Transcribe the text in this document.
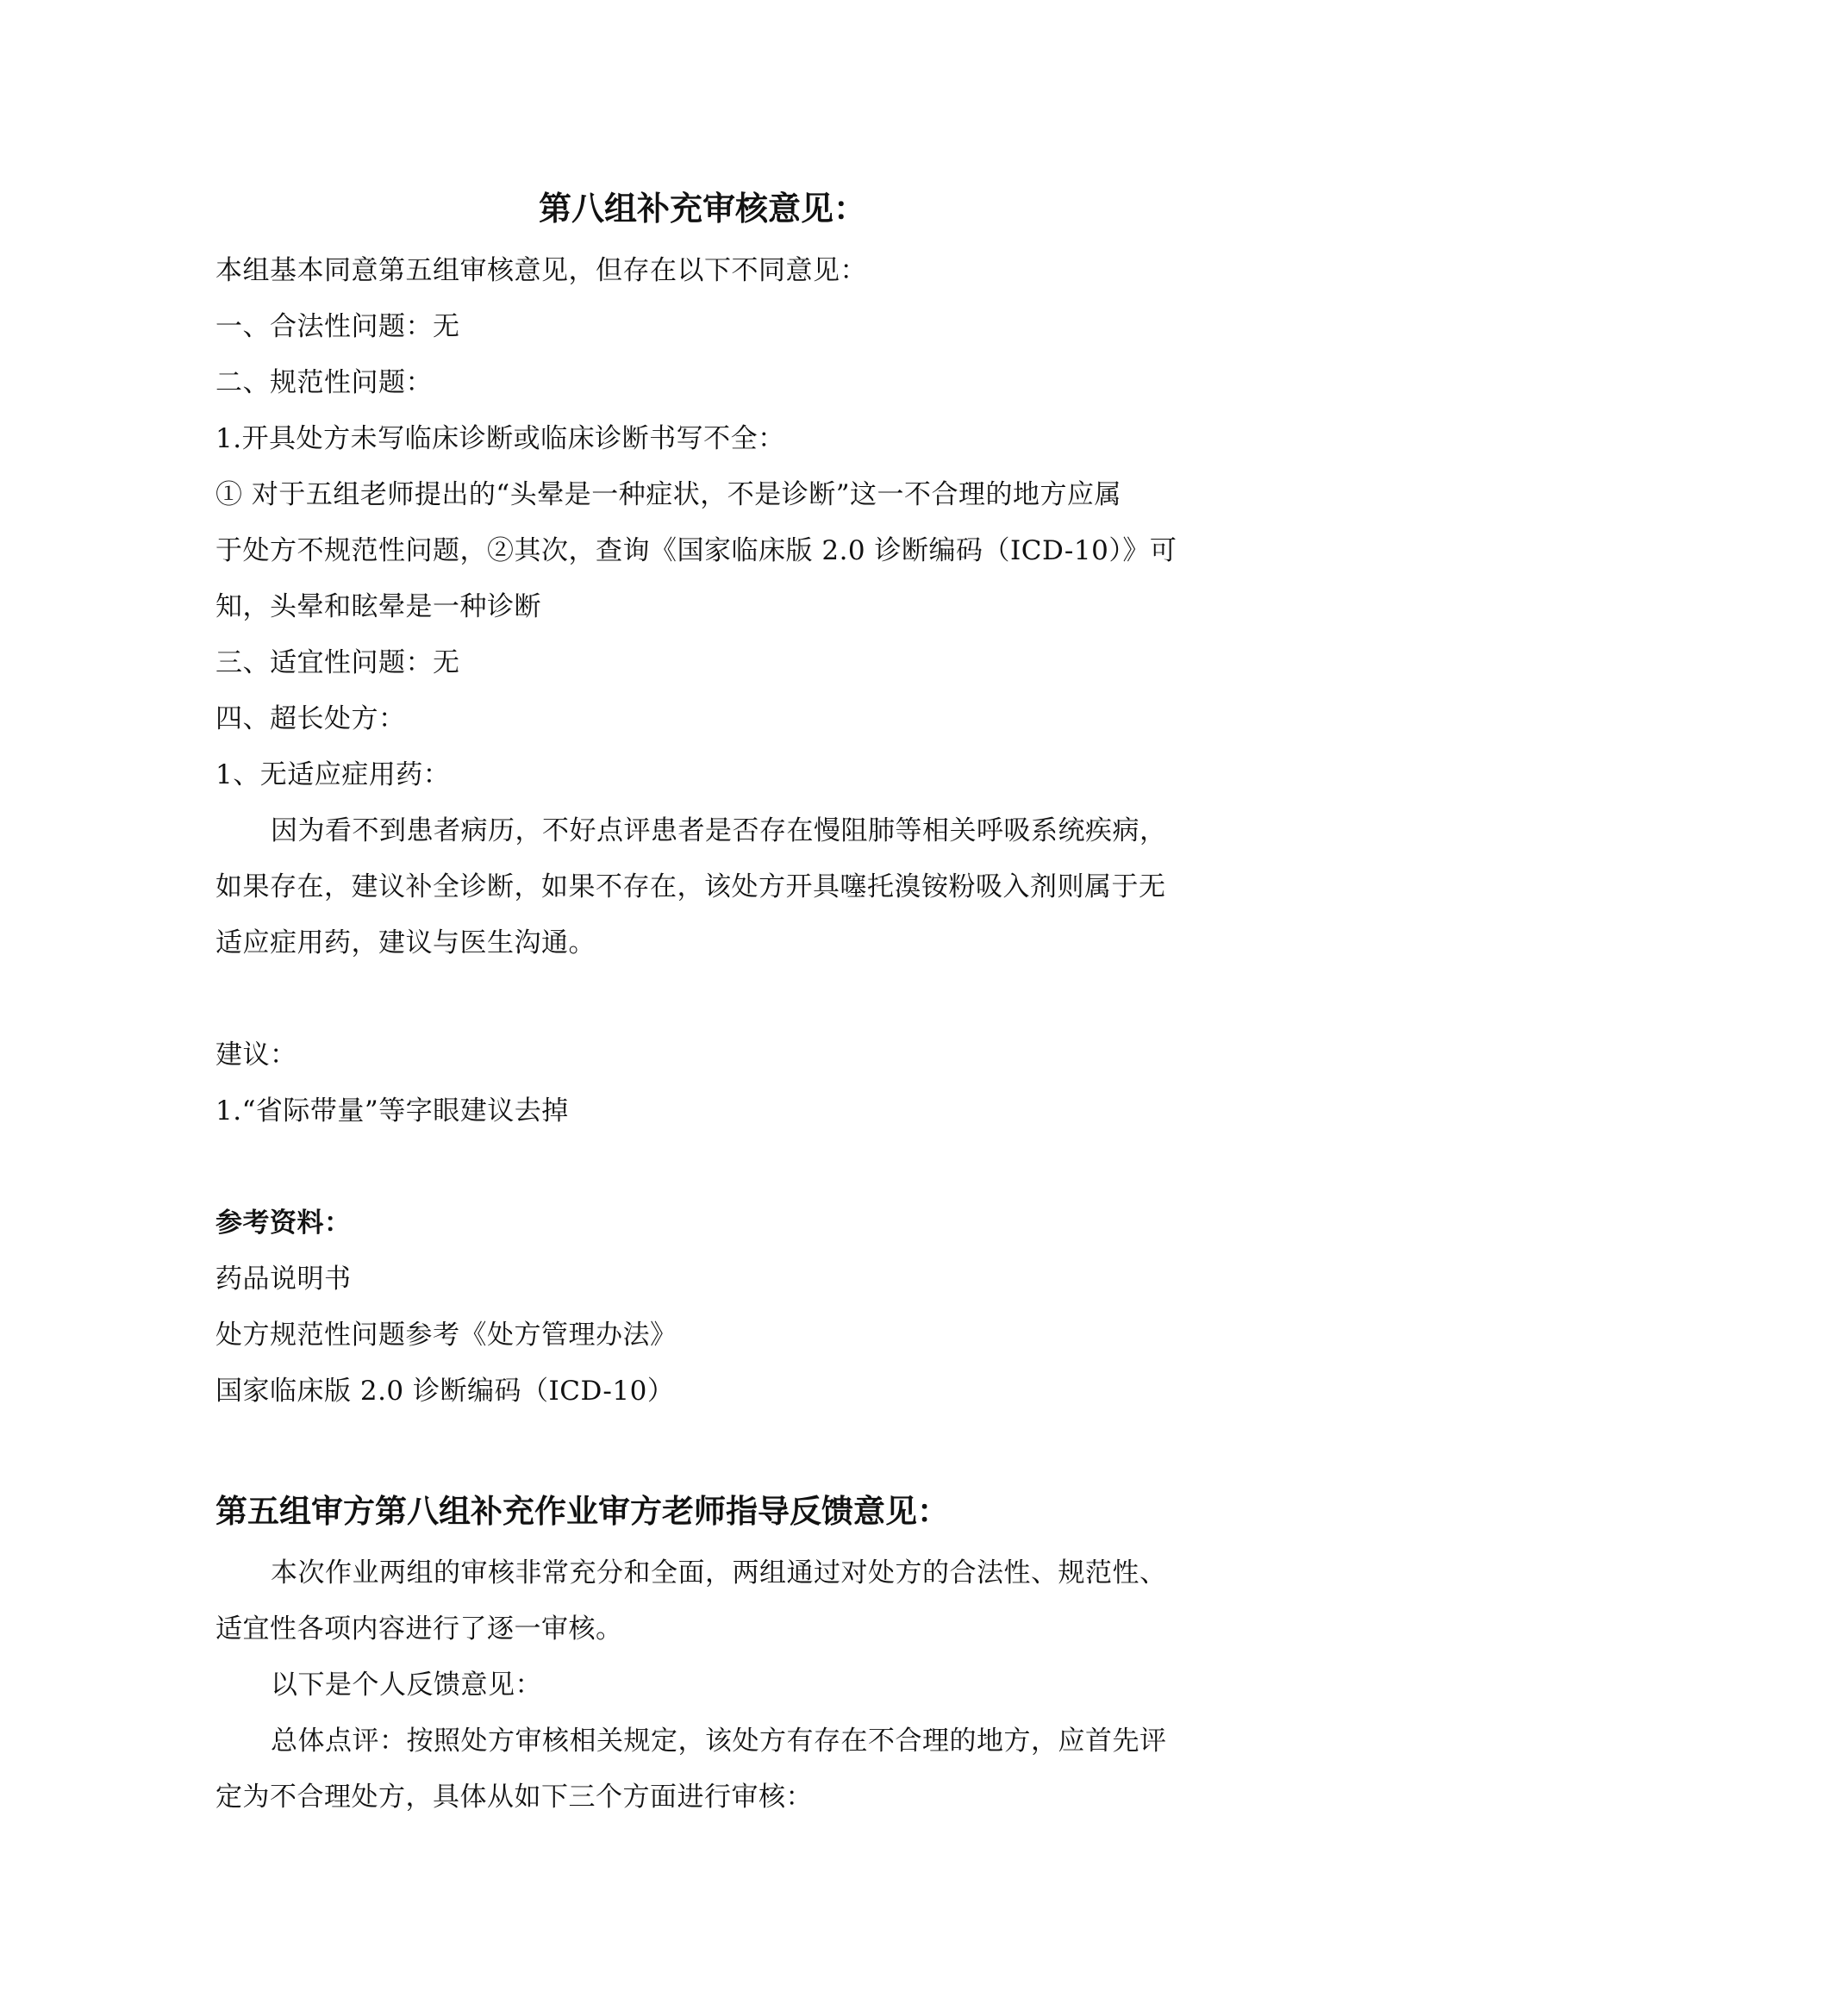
第八组补充审核意见：
本组基本同意第五组审核意见，但存在以下不同意见：
一、合法性问题：无
二、规范性问题：
1.开具处方未写临床诊断或临床诊断书写不全：
① 对于五组老师提出的“头晕是一种症状，不是诊断”这一不合理的地方应属
于处方不规范性问题，②其次，查询《国家临床版 2.0 诊断编码（ICD-10）》可
知，头晕和眩晕是一种诊断
三、适宜性问题：无
四、超长处方：
1、无适应症用药：
因为看不到患者病历，不好点评患者是否存在慢阻肺等相关呼吸系统疾病，
如果存在，建议补全诊断，如果不存在，该处方开具噻托溴铵粉吸入剂则属于无
适应症用药，建议与医生沟通。
建议：
1.“省际带量”等字眼建议去掉
参考资料：
药品说明书
处方规范性问题参考《处方管理办法》
国家临床版 2.0 诊断编码（ICD-10）
第五组审方第八组补充作业审方老师指导反馈意见：
本次作业两组的审核非常充分和全面，两组通过对处方的合法性、规范性、
适宜性各项内容进行了逐一审核。
以下是个人反馈意见：
总体点评：按照处方审核相关规定，该处方有存在不合理的地方，应首先评
定为不合理处方，具体从如下三个方面进行审核：
